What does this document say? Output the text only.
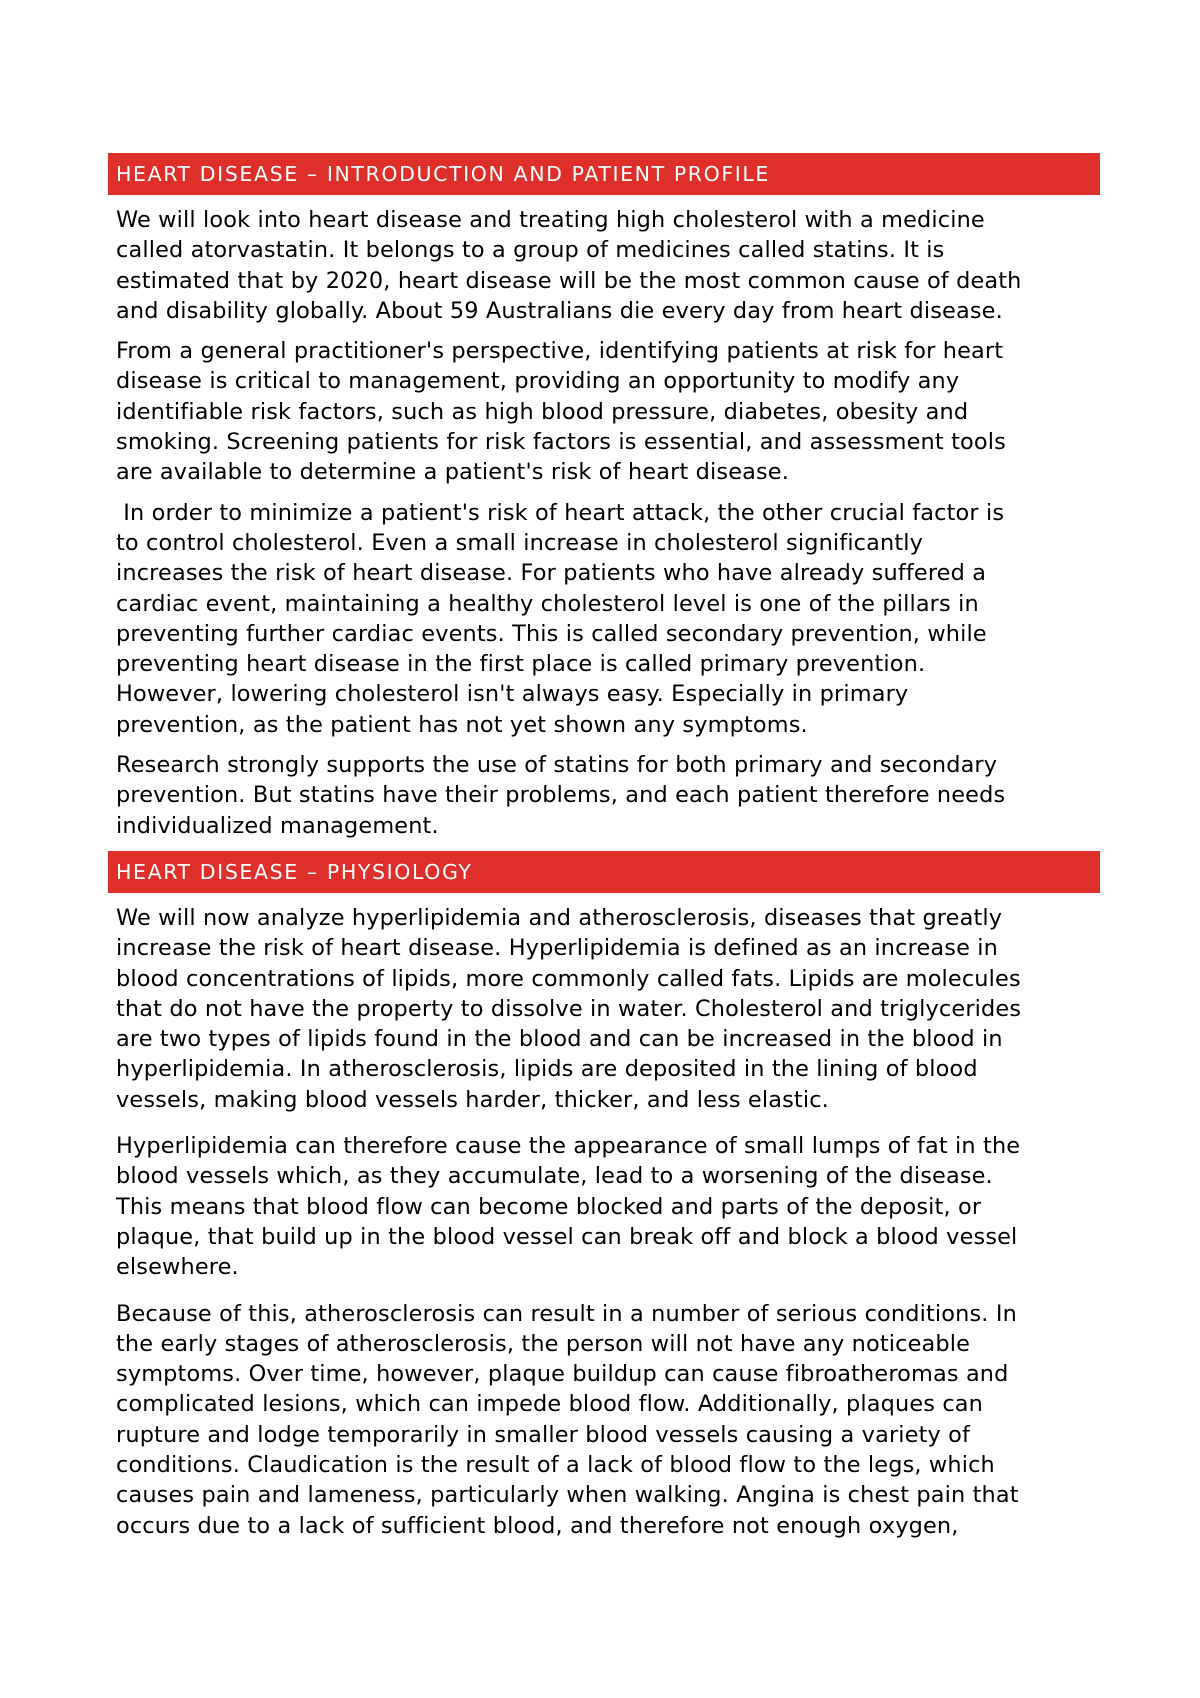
HEART DISEASE – INTRODUCTION AND PATIENT PROFILE

We will look into heart disease and treating high cholesterol with a medicine
called atorvastatin. It belongs to a group of medicines called statins. It is
estimated that by 2020, heart disease will be the most common cause of death
and disability globally. About 59 Australians die every day from heart disease.

From a general practitioner's perspective, identifying patients at risk for heart
disease is critical to management, providing an opportunity to modify any
identifiable risk factors, such as high blood pressure, diabetes, obesity and
smoking. Screening patients for risk factors is essential, and assessment tools
are available to determine a patient's risk of heart disease.

In order to minimize a patient's risk of heart attack, the other crucial factor is
to control cholesterol. Even a small increase in cholesterol significantly
increases the risk of heart disease. For patients who have already suffered a
cardiac event, maintaining a healthy cholesterol level is one of the pillars in
preventing further cardiac events. This is called secondary prevention, while
preventing heart disease in the first place is called primary prevention.
However, lowering cholesterol isn't always easy. Especially in primary
prevention, as the patient has not yet shown any symptoms.

Research strongly supports the use of statins for both primary and secondary
prevention. But statins have their problems, and each patient therefore needs
individualized management.

HEART DISEASE – PHYSIOLOGY

We will now analyze hyperlipidemia and atherosclerosis, diseases that greatly
increase the risk of heart disease. Hyperlipidemia is defined as an increase in
blood concentrations of lipids, more commonly called fats. Lipids are molecules
that do not have the property to dissolve in water. Cholesterol and triglycerides
are two types of lipids found in the blood and can be increased in the blood in
hyperlipidemia. In atherosclerosis, lipids are deposited in the lining of blood
vessels, making blood vessels harder, thicker, and less elastic.

Hyperlipidemia can therefore cause the appearance of small lumps of fat in the
blood vessels which, as they accumulate, lead to a worsening of the disease.
This means that blood flow can become blocked and parts of the deposit, or
plaque, that build up in the blood vessel can break off and block a blood vessel
elsewhere.

Because of this, atherosclerosis can result in a number of serious conditions. In
the early stages of atherosclerosis, the person will not have any noticeable
symptoms. Over time, however, plaque buildup can cause fibroatheromas and
complicated lesions, which can impede blood flow. Additionally, plaques can
rupture and lodge temporarily in smaller blood vessels causing a variety of
conditions. Claudication is the result of a lack of blood flow to the legs, which
causes pain and lameness, particularly when walking. Angina is chest pain that
occurs due to a lack of sufficient blood, and therefore not enough oxygen,
